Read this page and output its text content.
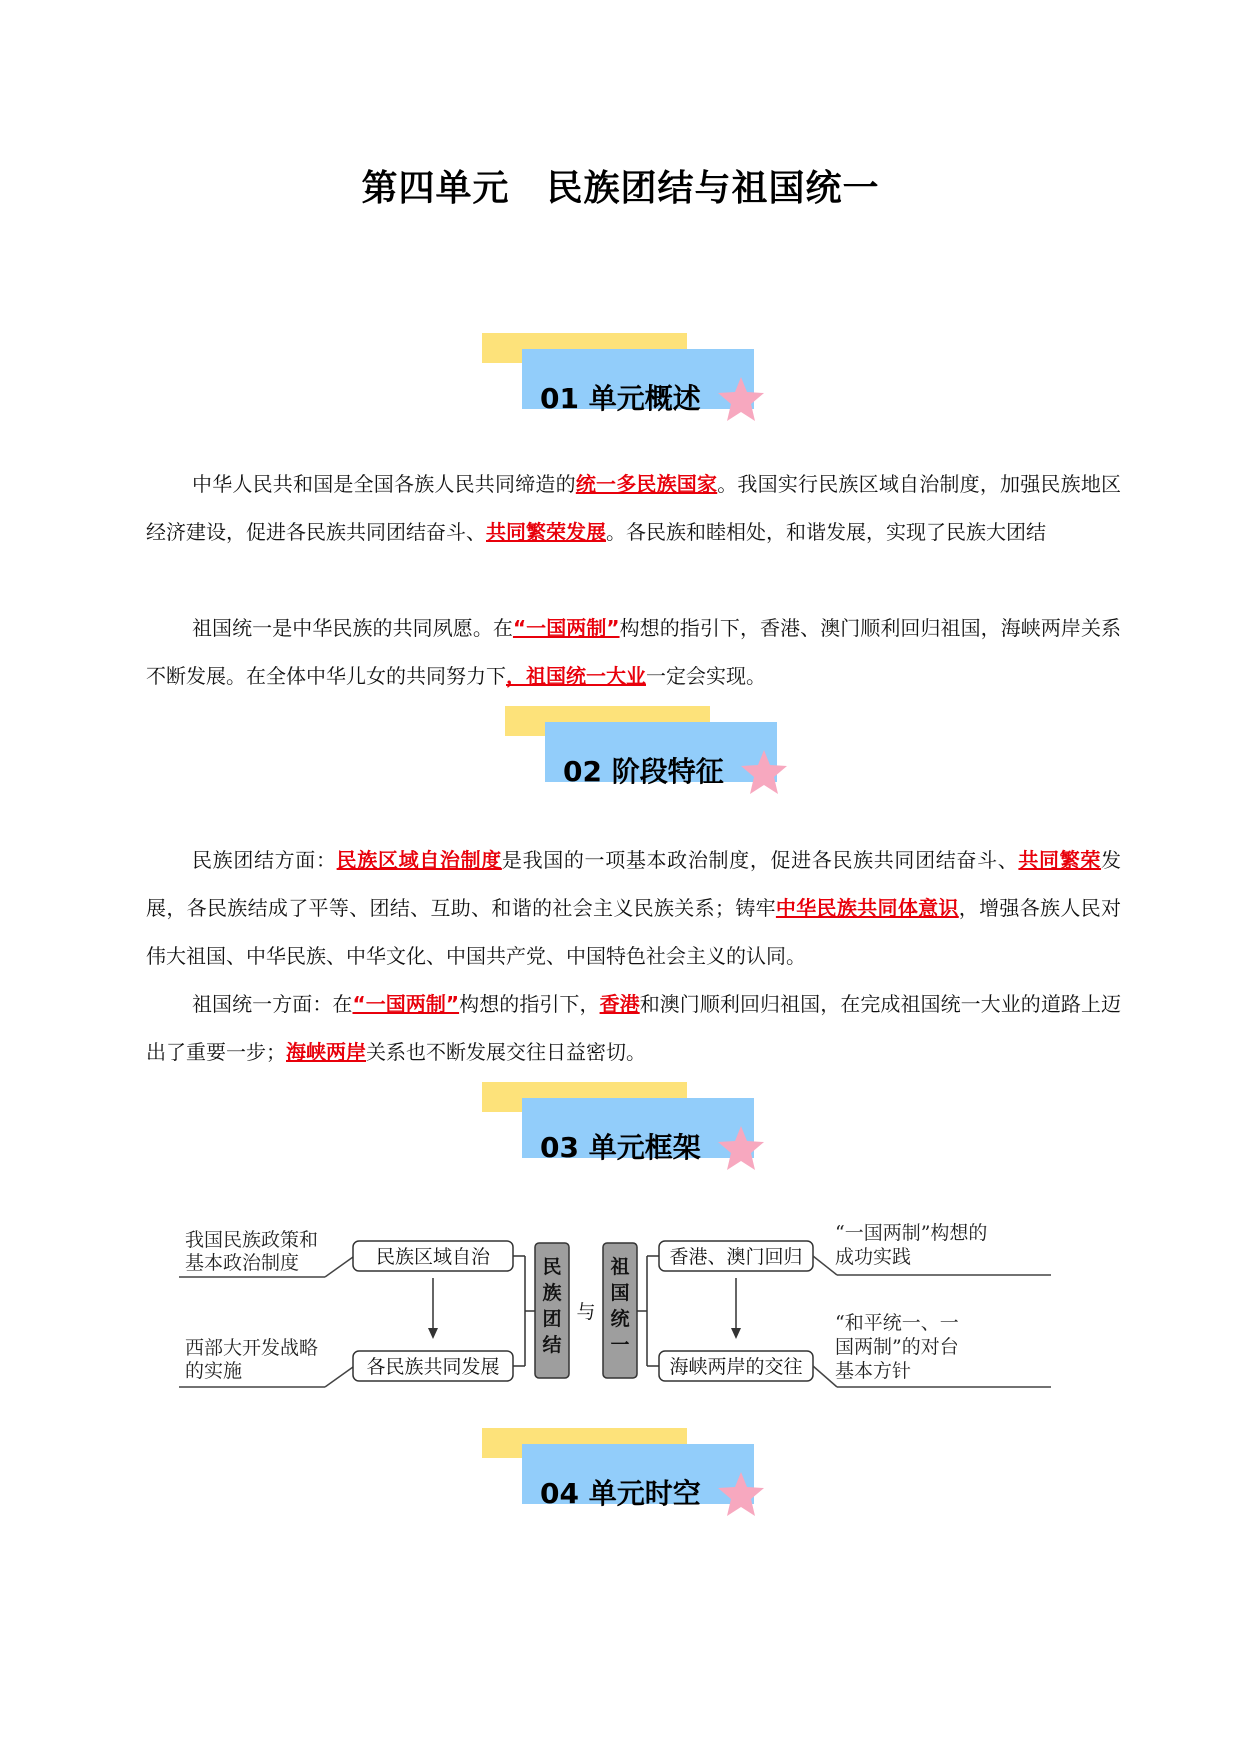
第四单元　民族团结与祖国统一
01 单元概述

中华人民共和国是全国各族人民共同缔造的统一多民族国家。我国实行民族区域自治制度，加强民族地区经济建设，促进各民族共同团结奋斗、共同繁荣发展。各民族和睦相处，和谐发展，实现了民族大团结

祖国统一是中华民族的共同夙愿。在“一国两制”构想的指引下，香港、澳门顺利回归祖国，海峡两岸关系不断发展。在全体中华儿女的共同努力下，祖国统一大业一定会实现。

02 阶段特征

民族团结方面：民族区域自治制度是我国的一项基本政治制度，促进各民族共同团结奋斗、共同繁荣发展，各民族结成了平等、团结、互助、和谐的社会主义民族关系；铸牢中华民族共同体意识，增强各族人民对伟大祖国、中华民族、中华文化、中国共产党、中国特色社会主义的认同。

祖国统一方面：在“一国两制”构想的指引下，香港和澳门顺利回归祖国，在完成祖国统一大业的道路上迈出了重要一步；海峡两岸关系也不断发展交往日益密切。

03 单元框架
我国民族政策和
基本政治制度
西部大开发战略
的实施
民族区域自治
各民族共同发展
民
族
团
结
与
祖
国
统
一
香港、澳门回归
海峡两岸的交往
“一国两制”构想的
成功实践
“和平统一、一
国两制”的对台
基本方针
04 单元时空
